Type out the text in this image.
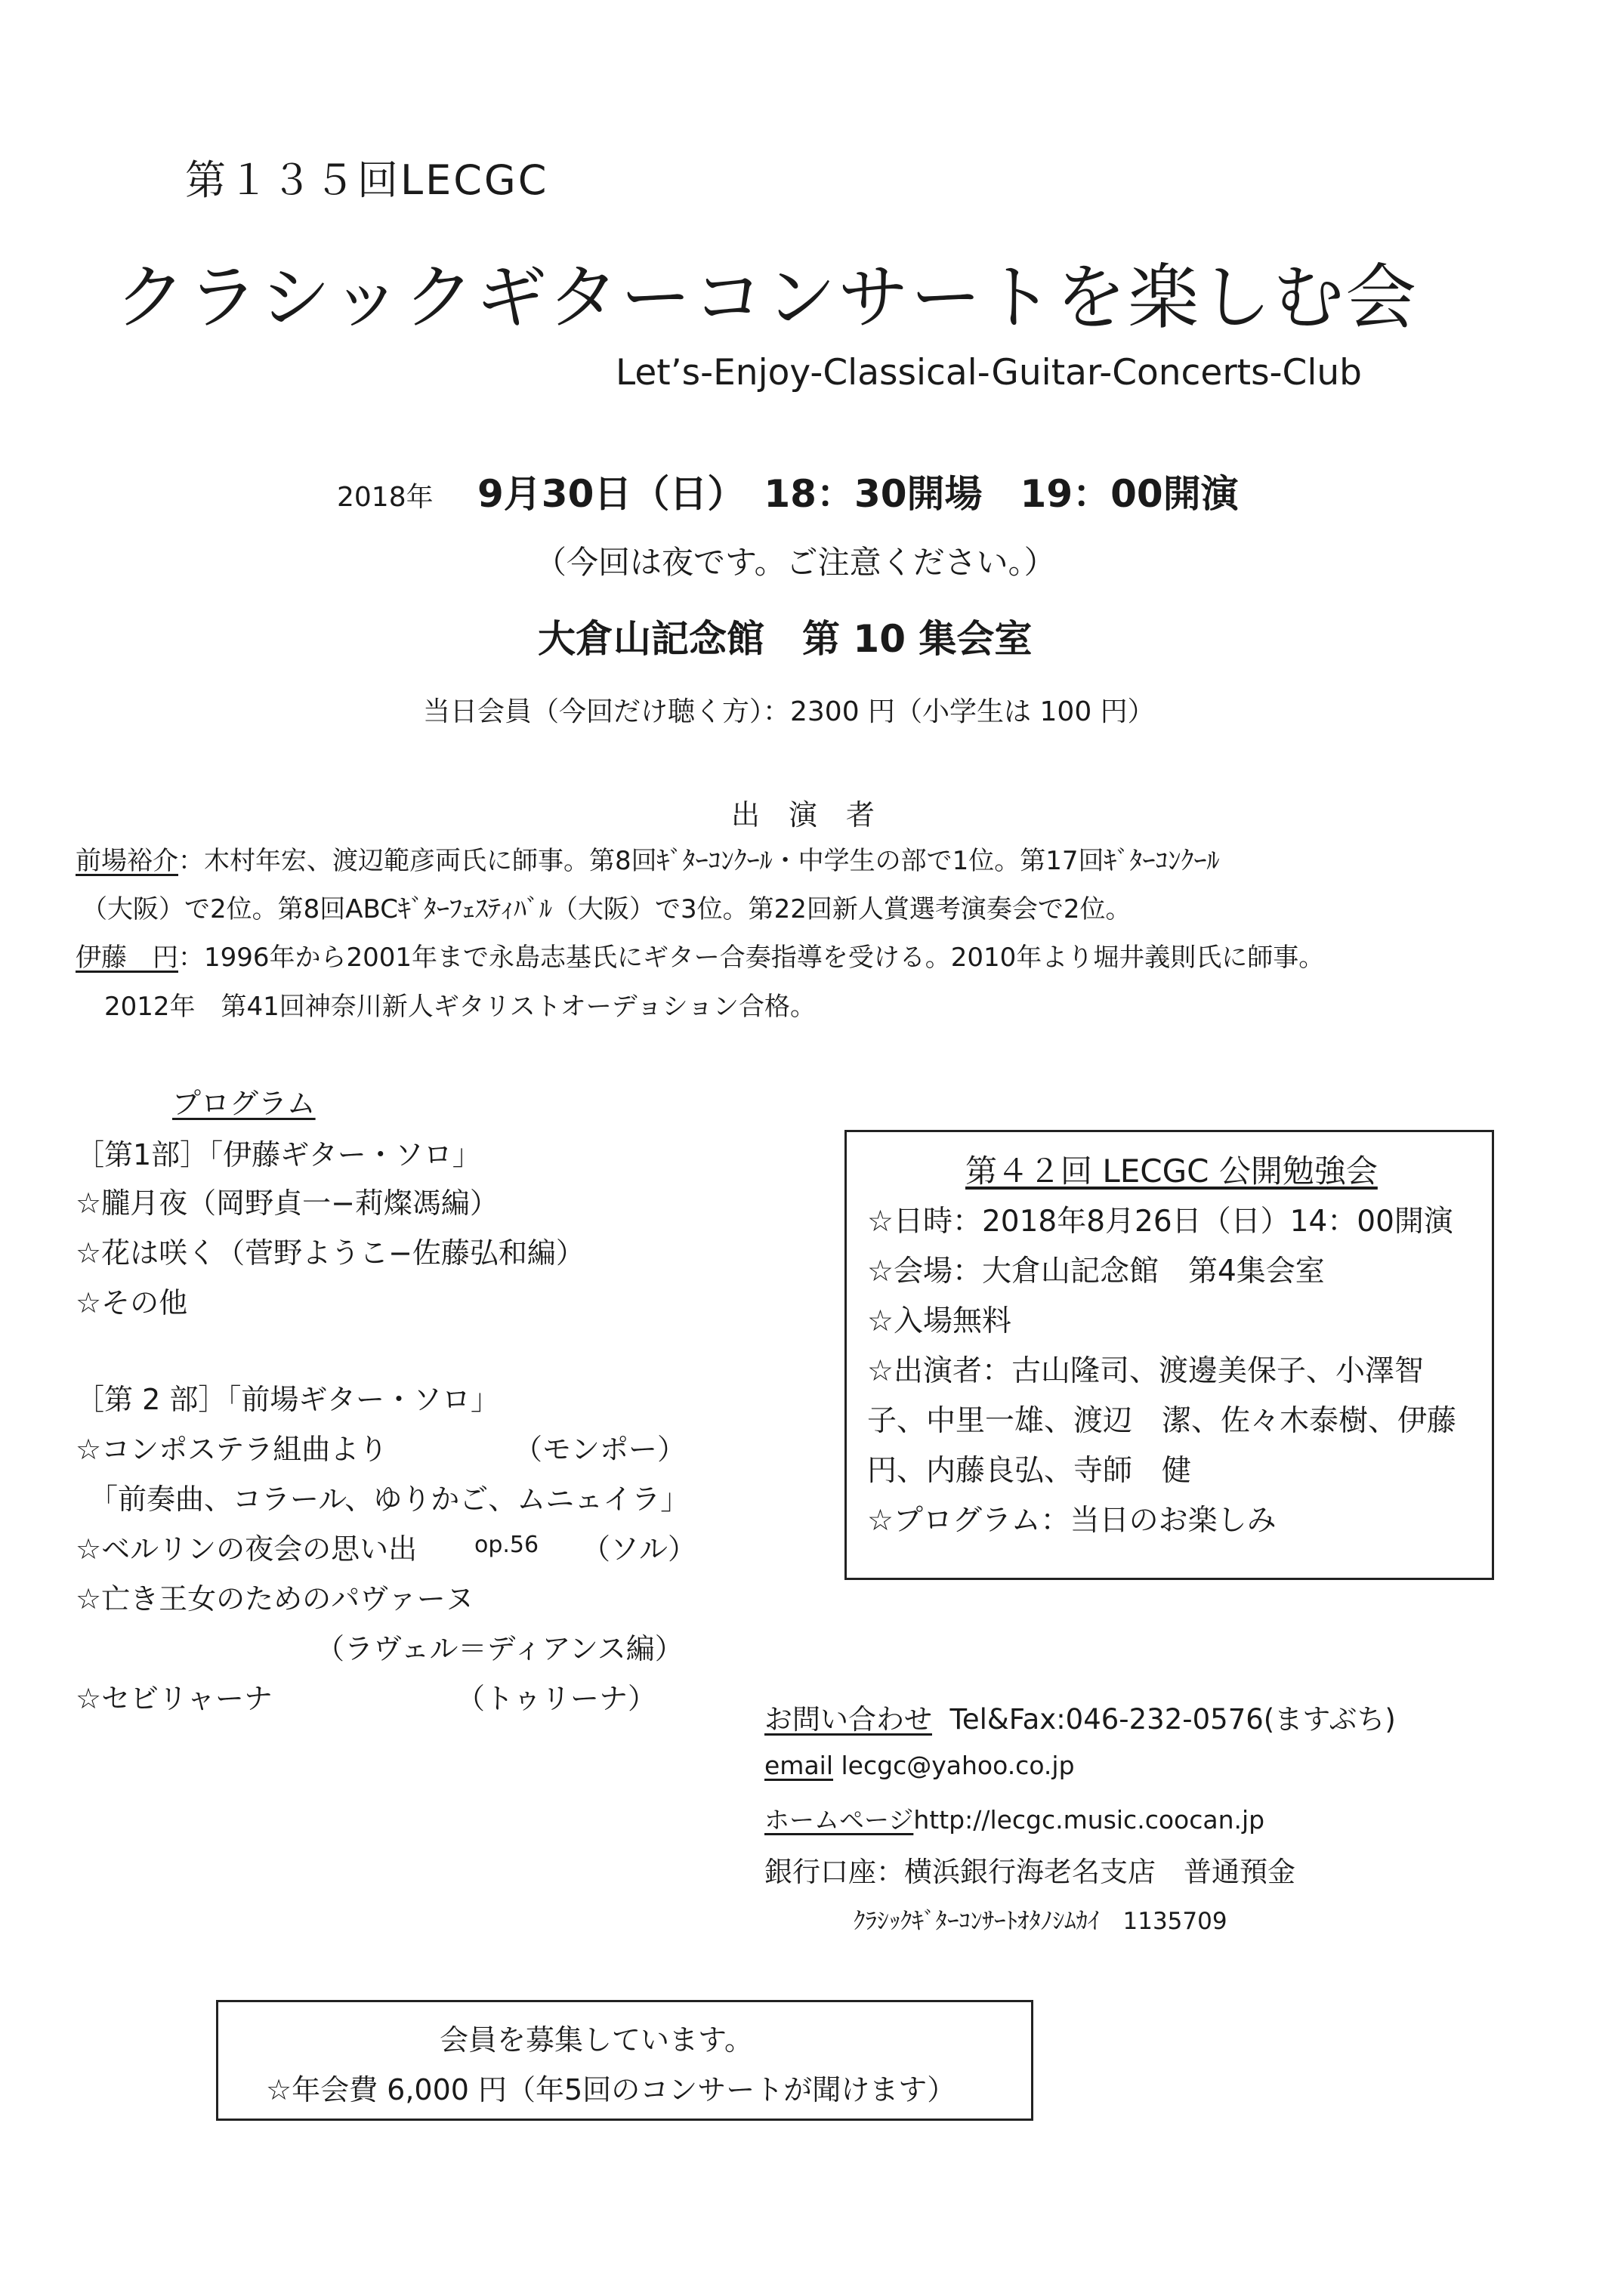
第１３５回LECGC
クラシックギターコンサートを楽しむ会
Let’s-Enjoy-Classical-Guitar-Concerts-Club
2018年 9月30日（日）　18：30開場　19：00開演
（今回は夜です。ご注意ください。）
大倉山記念館　第 10 集会室
当日会員（今回だけ聴く方）：2300 円（小学生は 100 円）
出　演　者
前場裕介：木村年宏、渡辺範彦両氏に師事。第8回ｷﾞﾀｰｺﾝｸｰﾙ・中学生の部で1位。第17回ｷﾞﾀｰｺﾝｸｰﾙ
（大阪）で2位。第8回ABCｷﾞﾀｰﾌｪｽﾃｨﾊﾞﾙ（大阪）で3位。第22回新人賞選考演奏会で2位。
伊藤　円：1996年から2001年まで永島志基氏にギター合奏指導を受ける。2010年より堀井義則氏に師事。
2012年　第41回神奈川新人ギタリストオーデョション合格。
プログラム
［第1部］「伊藤ギター・ソロ」
☆朧月夜（岡野貞一−莉燦馮編）
☆花は咲く（菅野ようこ−佐藤弘和編）
☆その他
［第 2 部］「前場ギター・ソロ」
☆コンポステラ組曲より	（モンポー）
「前奏曲、コラール、ゆりかご、ムニェイラ」
☆ベルリンの夜会の思い出	op.56 （ソル）
☆亡き王女のためのパヴァーヌ
（ラヴェル＝ディアンス編）
☆セビリャーナ	（トゥリーナ）
第４２回 LECGC 公開勉強会
☆日時：2018年8月26日（日）14：00開演
☆会場：大倉山記念館　第4集会室
☆入場無料
☆出演者：古山隆司、渡邊美保子、小澤智
子、中里一雄、渡辺　潔、佐々木泰樹、伊藤
円、内藤良弘、寺師　健
☆プログラム：当日のお楽しみ
お問い合わせ Tel&Fax:046-232-0576(ますぶち)
email lecgc@yahoo.co.jp
ホームページhttp://lecgc.music.coocan.jp
銀行口座：横浜銀行海老名支店　普通預金
ｸﾗｼｯｸｷﾞﾀｰｺﾝｻｰﾄｵﾀﾉｼﾑｶｲ　1135709
会員を募集しています。
☆年会費 6,000 円（年5回のコンサートが聞けます）
